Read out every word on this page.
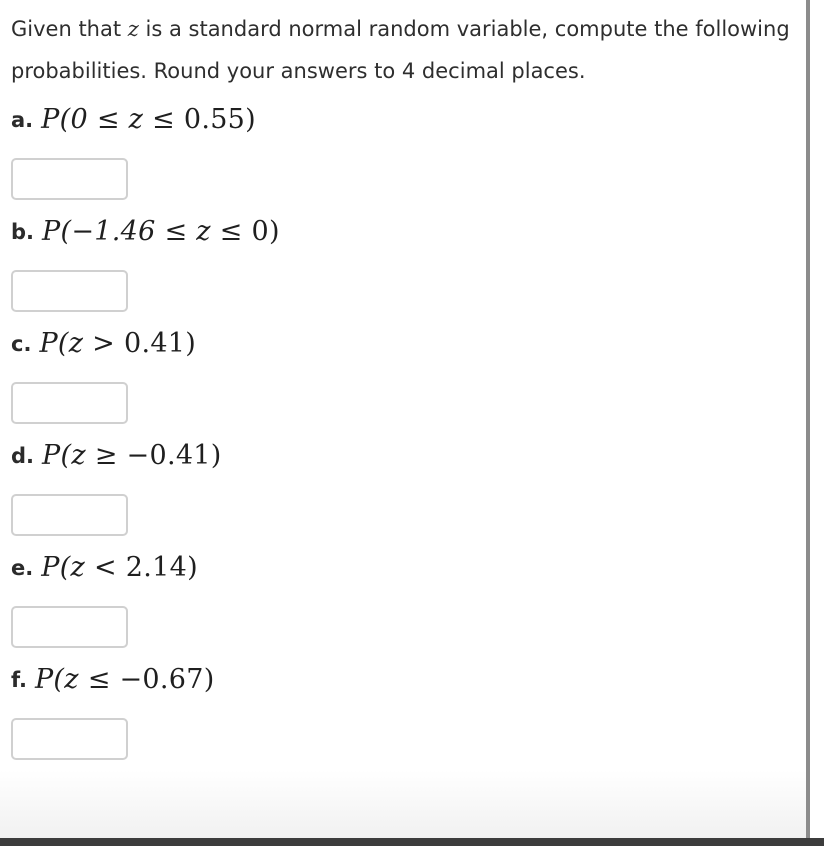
Given that z is a standard normal random variable, compute the following probabilities. Round your answers to 4 decimal places.

a. P(0 ≤ z ≤ 0.55)
b. P(−1.46 ≤ z ≤ 0)
c. P(z > 0.41)
d. P(z ≥ −0.41)
e. P(z < 2.14)
f. P(z ≤ −0.67)
